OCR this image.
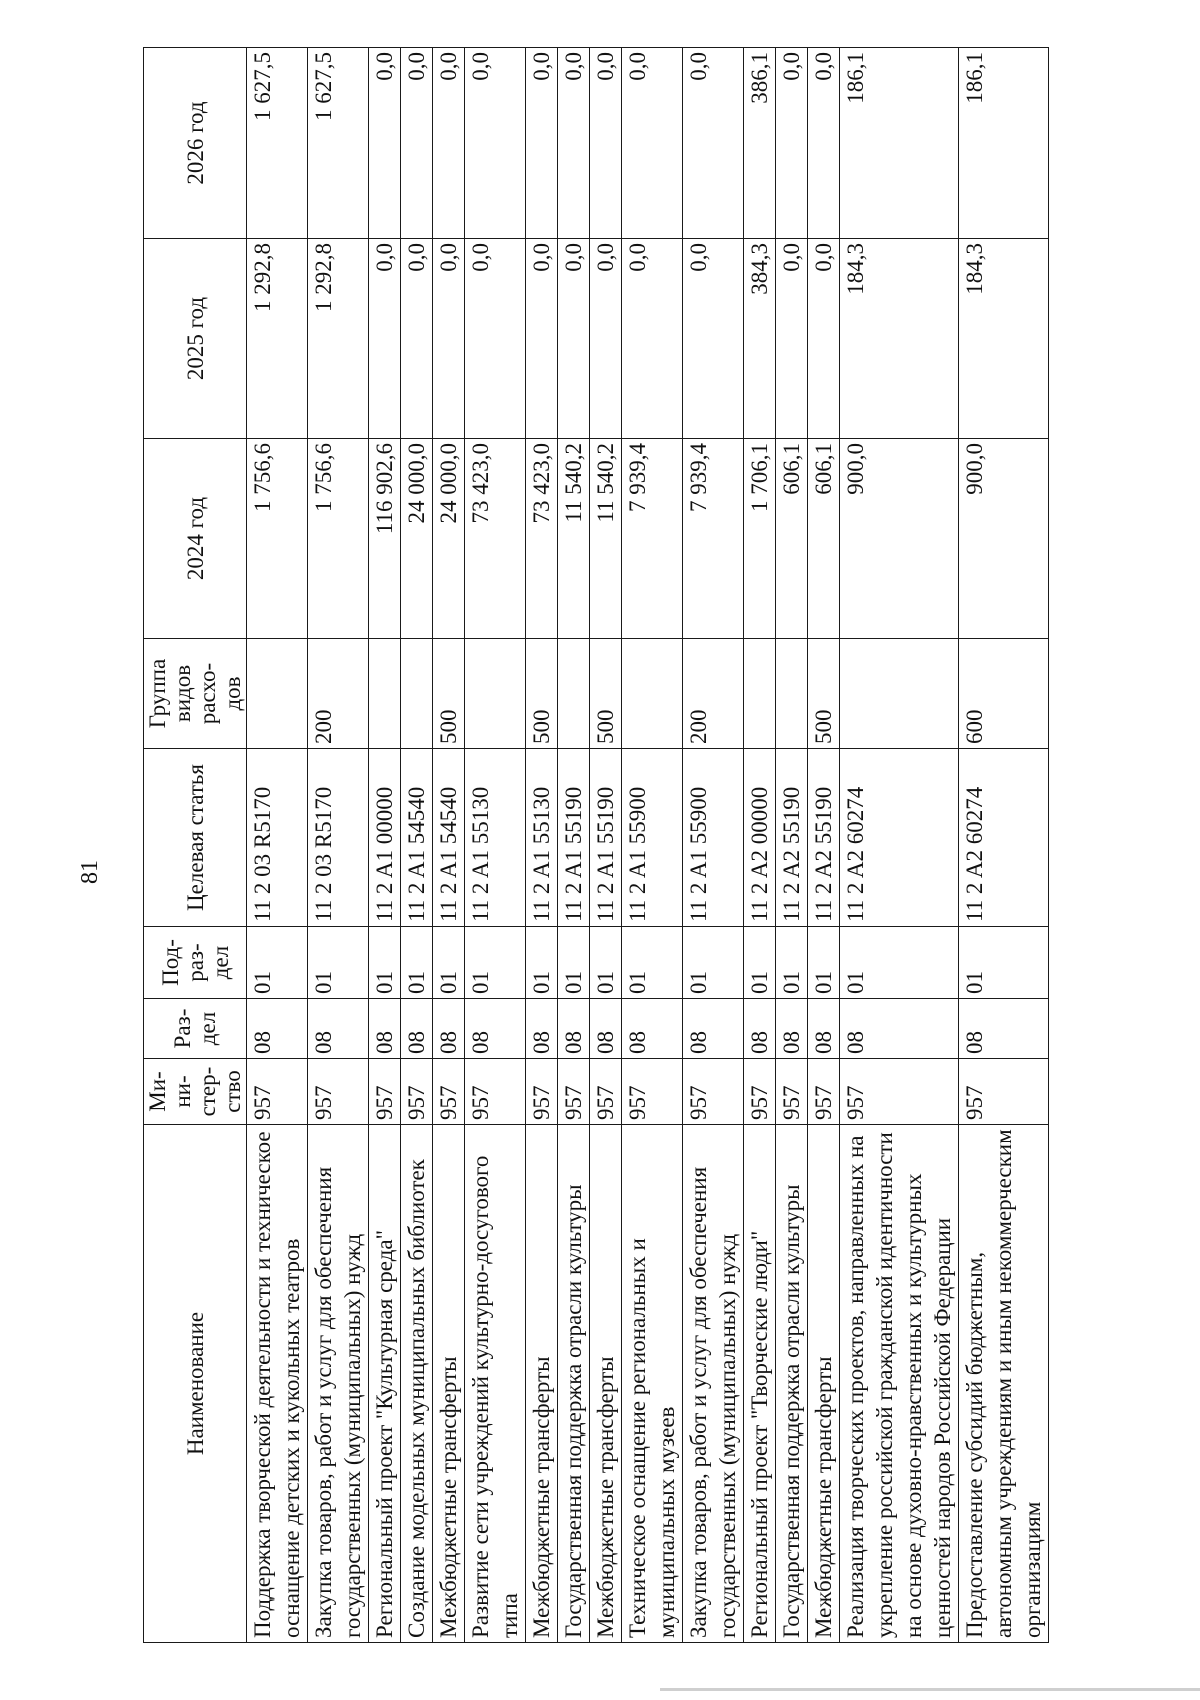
81
Наименование	Ми-
ни-
стер-
ство	Раз-
дел	Под-
раз-
дел	Целевая статья	Группа
видов
расхо-
дов	2024 год	2025 год	2026 год
Поддержка творческой деятельности и техническое оснащение детских и кукольных театров	957	08	01	11 2 03 R5170		1 756,6	1 292,8	1 627,5
Закупка товаров, работ и услуг для обеспечения государственных (муниципальных) нужд	957	08	01	11 2 03 R5170	200	1 756,6	1 292,8	1 627,5
Региональный проект "Культурная среда"	957	08	01	11 2 A1 00000		116 902,6	0,0	0,0
Создание модельных муниципальных библиотек	957	08	01	11 2 A1 54540		24 000,0	0,0	0,0
Межбюджетные трансферты	957	08	01	11 2 A1 54540	500	24 000,0	0,0	0,0
Развитие сети учреждений культурно-досугового типа	957	08	01	11 2 A1 55130		73 423,0	0,0	0,0
Межбюджетные трансферты	957	08	01	11 2 A1 55130	500	73 423,0	0,0	0,0
Государственная поддержка отрасли культуры	957	08	01	11 2 A1 55190		11 540,2	0,0	0,0
Межбюджетные трансферты	957	08	01	11 2 A1 55190	500	11 540,2	0,0	0,0
Техническое оснащение региональных и муниципальных музеев	957	08	01	11 2 A1 55900		7 939,4	0,0	0,0
Закупка товаров, работ и услуг для обеспечения государственных (муниципальных) нужд	957	08	01	11 2 A1 55900	200	7 939,4	0,0	0,0
Региональный проект "Творческие люди"	957	08	01	11 2 A2 00000		1 706,1	384,3	386,1
Государственная поддержка отрасли культуры	957	08	01	11 2 A2 55190		606,1	0,0	0,0
Межбюджетные трансферты	957	08	01	11 2 A2 55190	500	606,1	0,0	0,0
Реализация творческих проектов, направленных на укрепление российской гражданской идентичности на основе духовно-нравственных и культурных ценностей народов Российской Федерации	957	08	01	11 2 A2 60274		900,0	184,3	186,1
Предоставление субсидий бюджетным, автономным учреждениям и иным некоммерческим организациям	957	08	01	11 2 A2 60274	600	900,0	184,3	186,1
